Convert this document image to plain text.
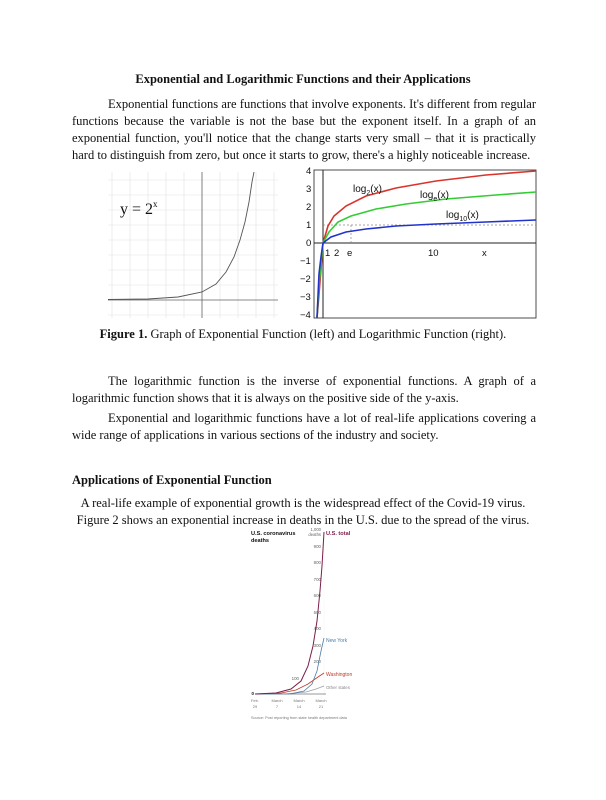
Exponential and Logarithmic Functions and their Applications
Exponential functions are functions that involve exponents. It's different from regular functions because the variable is not the base but the exponent itself. In a graph of an exponential function, you'll notice that the change starts very small – that it is practically hard to distinguish from zero, but once it starts to grow, there's a highly noticeable increase.
$y = 2^x$
4
3
2
1
0
−1
−2
−3
−4
1 2 e	10	x
$\log_2(x)$
$\log_e(x)$
$\log_{10}(x)$
Figure 1. Graph of Exponential Function (left) and Logarithmic Function (right).
The logarithmic function is the inverse of exponential functions. A graph of a logarithmic function shows that it is always on the positive side of the y-axis.
Exponential and logarithmic functions have a lot of real-life applications covering a wide range of applications in various sections of the industry and society.
Applications of Exponential Function
A real-life example of exponential growth is the widespread effect of the Covid-19 virus.
Figure 2 shows an exponential increase in deaths in the U.S. due to the spread of the virus.
U.S. coronavirus
deaths
1,000
deaths
900
800
700
600
500
400
300
200
100
0
U.S. total
New York
Washington
Other states
Feb.
29
March
7
March
14
March
21
Source: Post reporting from state health department data
